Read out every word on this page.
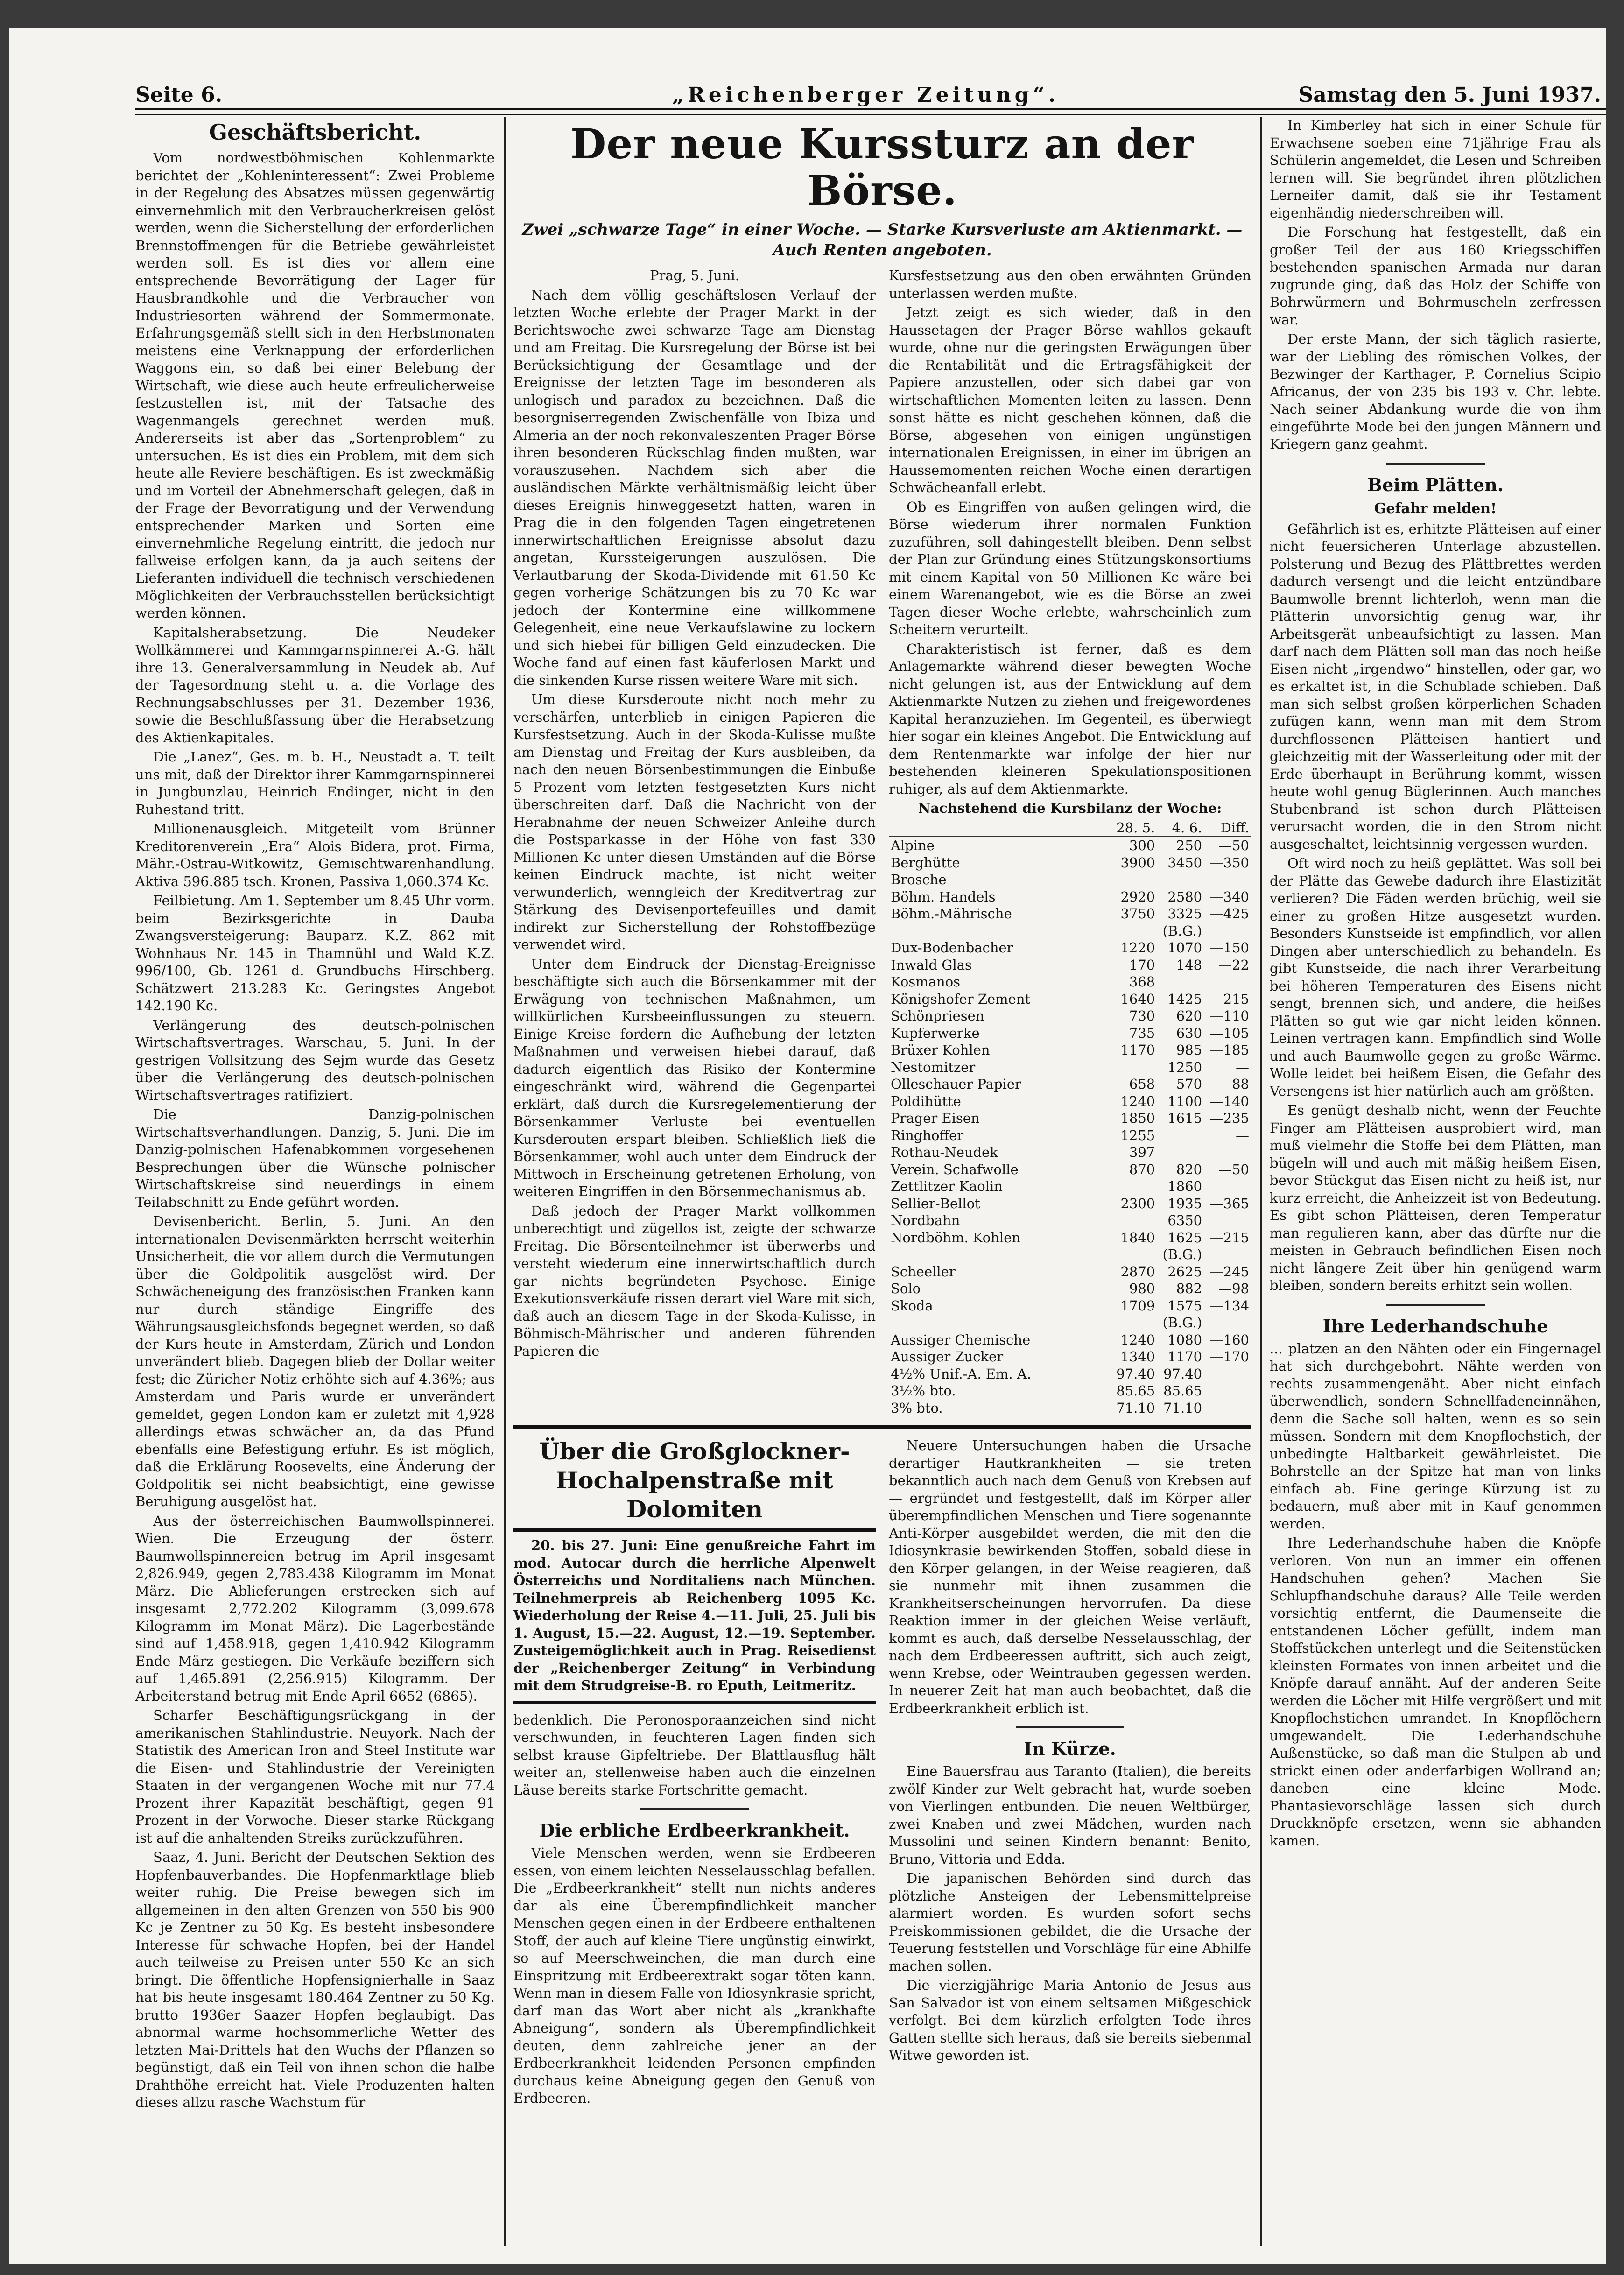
Seite 6.	„Reichenberger Zeitung“.	Samstag den 5. Juni 1937.
Geschäftsbericht.

Vom nordwestböhmischen Kohlenmarkte berichtet der „Kohleninteressent“: Zwei Probleme in der Regelung des Absatzes müssen gegenwärtig einvernehmlich mit den Verbraucherkreisen gelöst werden, wenn die Sicherstellung der erforderlichen Brennstoffmengen für die Betriebe gewährleistet werden soll. Es ist dies vor allem eine entsprechende Bevorrätigung der Lager für Hausbrandkohle und die Verbraucher von Industriesorten während der Sommermonate. Erfahrungsgemäß stellt sich in den Herbstmonaten meistens eine Verknappung der erforderlichen Waggons ein, so daß bei einer Belebung der Wirtschaft, wie diese auch heute erfreulicherweise festzustellen ist, mit der Tatsache des Wagenmangels gerechnet werden muß. Andererseits ist aber das „Sortenproblem“ zu untersuchen. Es ist dies ein Problem, mit dem sich heute alle Reviere beschäftigen. Es ist zweckmäßig und im Vorteil der Abnehmerschaft gelegen, daß in der Frage der Bevorratigung und der Verwendung entsprechender Marken und Sorten eine einvernehmliche Regelung eintritt, die jedoch nur fallweise erfolgen kann, da ja auch seitens der Lieferanten individuell die technisch verschiedenen Möglichkeiten der Verbrauchsstellen berücksichtigt werden können.

Kapitalsherabsetzung. Die Neudeker Wollkämmerei und Kammgarnspinnerei A.-G. hält ihre 13. Generalversammlung in Neudek ab. Auf der Tagesordnung steht u. a. die Vorlage des Rechnungsabschlusses per 31. Dezember 1936, sowie die Beschlußfassung über die Herabsetzung des Aktienkapitales.

Die „Lanez“, Ges. m. b. H., Neustadt a. T. teilt uns mit, daß der Direktor ihrer Kammgarnspinnerei in Jungbunzlau, Heinrich Endinger, nicht in den Ruhestand tritt.

Millionenausgleich. Mitgeteilt vom Brünner Kreditorenverein „Era“ Alois Bidera, prot. Firma, Mähr.-Ostrau-Witkowitz, Gemischtwarenhandlung. Aktiva 596.885 tsch. Kronen, Passiva 1,060.374 Kc.

Feilbietung. Am 1. September um 8.45 Uhr vorm. beim Bezirksgerichte in Dauba Zwangsversteigerung: Bauparz. K.Z. 862 mit Wohnhaus Nr. 145 in Thamnühl und Wald K.Z. 996/100, Gb. 1261 d. Grundbuchs Hirschberg. Schätzwert 213.283 Kc. Geringstes Angebot 142.190 Kc.

Verlängerung des deutsch-polnischen Wirtschaftsvertrages. Warschau, 5. Juni. In der gestrigen Vollsitzung des Sejm wurde das Gesetz über die Verlängerung des deutsch-polnischen Wirtschaftsvertrages ratifiziert.

Die Danzig-polnischen Wirtschaftsverhandlungen. Danzig, 5. Juni. Die im Danzig-polnischen Hafenabkommen vorgesehenen Besprechungen über die Wünsche polnischer Wirtschaftskreise sind neuerdings in einem Teilabschnitt zu Ende geführt worden.

Devisenbericht. Berlin, 5. Juni. An den internationalen Devisenmärkten herrscht weiterhin Unsicherheit, die vor allem durch die Vermutungen über die Goldpolitik ausgelöst wird. Der Schwächeneigung des französischen Franken kann nur durch ständige Eingriffe des Währungsausgleichsfonds begegnet werden, so daß der Kurs heute in Amsterdam, Zürich und London unverändert blieb. Dagegen blieb der Dollar weiter fest; die Züricher Notiz erhöhte sich auf 4.36%; aus Amsterdam und Paris wurde er unverändert gemeldet, gegen London kam er zuletzt mit 4,928 allerdings etwas schwächer an, da das Pfund ebenfalls eine Befestigung erfuhr. Es ist möglich, daß die Erklärung Roosevelts, eine Änderung der Goldpolitik sei nicht beabsichtigt, eine gewisse Beruhigung ausgelöst hat.

Aus der österreichischen Baumwollspinnerei. Wien. Die Erzeugung der österr. Baumwollspinnereien betrug im April insgesamt 2,826.949, gegen 2,783.438 Kilogramm im Monat März. Die Ablieferungen erstrecken sich auf insgesamt 2,772.202 Kilogramm (3,099.678 Kilogramm im Monat März). Die Lagerbestände sind auf 1,458.918, gegen 1,410.942 Kilogramm Ende März gestiegen. Die Verkäufe beziffern sich auf 1,465.891 (2,256.915) Kilogramm. Der Arbeiterstand betrug mit Ende April 6652 (6865).

Scharfer Beschäftigungsrückgang in der amerikanischen Stahlindustrie. Neuyork. Nach der Statistik des American Iron and Steel Institute war die Eisen- und Stahlindustrie der Vereinigten Staaten in der vergangenen Woche mit nur 77.4 Prozent ihrer Kapazität beschäftigt, gegen 91 Prozent in der Vorwoche. Dieser starke Rückgang ist auf die anhaltenden Streiks zurückzuführen.

Saaz, 4. Juni. Bericht der Deutschen Sektion des Hopfenbauverbandes. Die Hopfenmarktlage blieb weiter ruhig. Die Preise bewegen sich im allgemeinen in den alten Grenzen von 550 bis 900 Kc je Zentner zu 50 Kg. Es besteht insbesondere Interesse für schwache Hopfen, bei der Handel auch teilweise zu Preisen unter 550 Kc an sich bringt. Die öffentliche Hopfensignierhalle in Saaz hat bis heute insgesamt 180.464 Zentner zu 50 Kg. brutto 1936er Saazer Hopfen beglaubigt. Das abnormal warme hochsommerliche Wetter des letzten Mai-Drittels hat den Wuchs der Pflanzen so begünstigt, daß ein Teil von ihnen schon die halbe Drahthöhe erreicht hat. Viele Produzenten halten dieses allzu rasche Wachstum für

Der neue Kurssturz an der Börse.
Zwei „schwarze Tage“ in einer Woche. — Starke Kursverluste am Aktienmarkt. — Auch Renten angeboten.

Prag, 5. Juni.

Nach dem völlig geschäftslosen Verlauf der letzten Woche erlebte der Prager Markt in der Berichtswoche zwei schwarze Tage am Dienstag und am Freitag. Die Kursregelung der Börse ist bei Berücksichtigung der Gesamtlage und der Ereignisse der letzten Tage im besonderen als unlogisch und paradox zu bezeichnen. Daß die besorgniserregenden Zwischenfälle von Ibiza und Almeria an der noch rekonvaleszenten Prager Börse ihren besonderen Rückschlag finden mußten, war vorauszusehen. Nachdem sich aber die ausländischen Märkte verhältnismäßig leicht über dieses Ereignis hinweggesetzt hatten, waren in Prag die in den folgenden Tagen eingetretenen innerwirtschaftlichen Ereignisse absolut dazu angetan, Kurssteigerungen auszulösen. Die Verlautbarung der Skoda-Dividende mit 61.50 Kc gegen vorherige Schätzungen bis zu 70 Kc war jedoch der Kontermine eine willkommene Gelegenheit, eine neue Verkaufslawine zu lockern und sich hiebei für billigen Geld einzudecken. Die Woche fand auf einen fast käuferlosen Markt und die sinkenden Kurse rissen weitere Ware mit sich.

Um diese Kursderoute nicht noch mehr zu verschärfen, unterblieb in einigen Papieren die Kursfestsetzung. Auch in der Skoda-Kulisse mußte am Dienstag und Freitag der Kurs ausbleiben, da nach den neuen Börsenbestimmungen die Einbuße 5 Prozent vom letzten festgesetzten Kurs nicht überschreiten darf. Daß die Nachricht von der Herabnahme der neuen Schweizer Anleihe durch die Postsparkasse in der Höhe von fast 330 Millionen Kc unter diesen Umständen auf die Börse keinen Eindruck machte, ist nicht weiter verwunderlich, wenngleich der Kreditvertrag zur Stärkung des Devisenportefeuilles und damit indirekt zur Sicherstellung der Rohstoffbezüge verwendet wird.

Unter dem Eindruck der Dienstag-Ereignisse beschäftigte sich auch die Börsenkammer mit der Erwägung von technischen Maßnahmen, um willkürlichen Kursbeeinflussungen zu steuern. Einige Kreise fordern die Aufhebung der letzten Maßnahmen und verweisen hiebei darauf, daß dadurch eigentlich das Risiko der Kontermine eingeschränkt wird, während die Gegenpartei erklärt, daß durch die Kursregelementierung der Börsenkammer Verluste bei eventuellen Kursderouten erspart bleiben. Schließlich ließ die Börsenkammer, wohl auch unter dem Eindruck der Mittwoch in Erscheinung getretenen Erholung, von weiteren Eingriffen in den Börsenmechanismus ab.

Daß jedoch der Prager Markt vollkommen unberechtigt und zügellos ist, zeigte der schwarze Freitag. Die Börsenteilnehmer ist überwerbs und versteht wiederum eine innerwirtschaftlich durch gar nichts begründeten Psychose. Einige Exekutionsverkäufe rissen derart viel Ware mit sich, daß auch an diesem Tage in der Skoda-Kulisse, in Böhmisch-Mährischer und anderen führenden Papieren die

Kursfestsetzung aus den oben erwähnten Gründen unterlassen werden mußte.

Jetzt zeigt es sich wieder, daß in den Haussetagen der Prager Börse wahllos gekauft wurde, ohne nur die geringsten Erwägungen über die Rentabilität und die Ertragsfähigkeit der Papiere anzustellen, oder sich dabei gar von wirtschaftlichen Momenten leiten zu lassen. Denn sonst hätte es nicht geschehen können, daß die Börse, abgesehen von einigen ungünstigen internationalen Ereignissen, in einer im übrigen an Haussemomenten reichen Woche einen derartigen Schwächeanfall erlebt.

Ob es Eingriffen von außen gelingen wird, die Börse wiederum ihrer normalen Funktion zuzuführen, soll dahingestellt bleiben. Denn selbst der Plan zur Gründung eines Stützungskonsortiums mit einem Kapital von 50 Millionen Kc wäre bei einem Warenangebot, wie es die Börse an zwei Tagen dieser Woche erlebte, wahrscheinlich zum Scheitern verurteilt.

Charakteristisch ist ferner, daß es dem Anlagemarkte während dieser bewegten Woche nicht gelungen ist, aus der Entwicklung auf dem Aktienmarkte Nutzen zu ziehen und freigewordenes Kapital heranzuziehen. Im Gegenteil, es überwiegt hier sogar ein kleines Angebot. Die Entwicklung auf dem Rentenmarkte war infolge der hier nur bestehenden kleineren Spekulationspositionen ruhiger, als auf dem Aktienmarkte.

Nachstehend die Kursbilanz der Woche:

	28. 5.	4. 6.	Diff.
Alpine	300	250	—50
Berghütte	3900	3450	—350
Brosche			
Böhm. Handels	2920	2580	—340
Böhm.-Mährische	3750	3325 (B.G.)	—425
Dux-Bodenbacher	1220	1070	—150
Inwald Glas	170	148	—22
Kosmanos	368		
Königshofer Zement	1640	1425	—215
Schönpriesen	730	620	—110
Kupferwerke	735	630	—105
Brüxer Kohlen	1170	985	—185
Nestomitzer		1250	—
Olleschauer Papier	658	570	—88
Poldihütte	1240	1100	—140
Prager Eisen	1850	1615	—235
Ringhoffer	1255		—
Rothau-Neudek	397		
Verein. Schafwolle	870	820	—50
Zettlitzer Kaolin		1860	
Sellier-Bellot	2300	1935	—365
Nordbahn		6350	
Nordböhm. Kohlen	1840	1625 (B.G.)	—215
Scheeller	2870	2625	—245
Solo	980	882	—98
Skoda	1709	1575 (B.G.)	—134
Aussiger Chemische	1240	1080	—160
Aussiger Zucker	1340	1170	—170
4½% Unif.-A. Em. A.	97.40	97.40	
3½% bto.	85.65	85.65	
3% bto.	71.10	71.10	
Über die Großglockner-
Hochalpenstraße mit Dolomiten

20. bis 27. Juni: Eine genußreiche Fahrt im mod. Autocar durch die herrliche Alpenwelt Österreichs und Norditaliens nach München. Teilnehmerpreis ab Reichenberg 1095 Kc. Wiederholung der Reise 4.—11. Juli, 25. Juli bis 1. August, 15.—22. August, 12.—19. September. Zusteigemöglichkeit auch in Prag. Reisedienst der „Reichenberger Zeitung“ in Verbindung mit dem Strudgreise-B. ro Eputh, Leitmeritz.

bedenklich. Die Peronosporaanzeichen sind nicht verschwunden, in feuchteren Lagen finden sich selbst krause Gipfeltriebe. Der Blattlausflug hält weiter an, stellenweise haben auch die einzelnen Läuse bereits starke Fortschritte gemacht.

Die erbliche Erdbeerkrankheit.

Viele Menschen werden, wenn sie Erdbeeren essen, von einem leichten Nesselausschlag befallen. Die „Erdbeerkrankheit“ stellt nun nichts anderes dar als eine Überempfindlichkeit mancher Menschen gegen einen in der Erdbeere enthaltenen Stoff, der auch auf kleine Tiere ungünstig einwirkt, so auf Meerschweinchen, die man durch eine Einspritzung mit Erdbeerextrakt sogar töten kann. Wenn man in diesem Falle von Idiosynkrasie spricht, darf man das Wort aber nicht als „krankhafte Abneigung“, sondern als Überempfindlichkeit deuten, denn zahlreiche jener an der Erdbeerkrankheit leidenden Personen empfinden durchaus keine Abneigung gegen den Genuß von Erdbeeren.

Neuere Untersuchungen haben die Ursache derartiger Hautkrankheiten — sie treten bekanntlich auch nach dem Genuß von Krebsen auf — ergründet und festgestellt, daß im Körper aller überempfindlichen Menschen und Tiere sogenannte Anti-Körper ausgebildet werden, die mit den die Idiosynkrasie bewirkenden Stoffen, sobald diese in den Körper gelangen, in der Weise reagieren, daß sie nunmehr mit ihnen zusammen die Krankheitserscheinungen hervorrufen. Da diese Reaktion immer in der gleichen Weise verläuft, kommt es auch, daß derselbe Nesselausschlag, der nach dem Erdbeeressen auftritt, sich auch zeigt, wenn Krebse, oder Weintrauben gegessen werden. In neuerer Zeit hat man auch beobachtet, daß die Erdbeerkrankheit erblich ist.

In Kürze.

Eine Bauersfrau aus Taranto (Italien), die bereits zwölf Kinder zur Welt gebracht hat, wurde soeben von Vierlingen entbunden. Die neuen Weltbürger, zwei Knaben und zwei Mädchen, wurden nach Mussolini und seinen Kindern benannt: Benito, Bruno, Vittoria und Edda.

Die japanischen Behörden sind durch das plötzliche Ansteigen der Lebensmittelpreise alarmiert worden. Es wurden sofort sechs Preiskommissionen gebildet, die die Ursache der Teuerung feststellen und Vorschläge für eine Abhilfe machen sollen.

Die vierzigjährige Maria Antonio de Jesus aus San Salvador ist von einem seltsamen Mißgeschick verfolgt. Bei dem kürzlich erfolgten Tode ihres Gatten stellte sich heraus, daß sie bereits siebenmal Witwe geworden ist.

In Kimberley hat sich in einer Schule für Erwachsene soeben eine 71jährige Frau als Schülerin angemeldet, die Lesen und Schreiben lernen will. Sie begründet ihren plötzlichen Lerneifer damit, daß sie ihr Testament eigenhändig niederschreiben will.

Die Forschung hat festgestellt, daß ein großer Teil der aus 160 Kriegsschiffen bestehenden spanischen Armada nur daran zugrunde ging, daß das Holz der Schiffe von Bohrwürmern und Bohrmuscheln zerfressen war.

Der erste Mann, der sich täglich rasierte, war der Liebling des römischen Volkes, der Bezwinger der Karthager, P. Cornelius Scipio Africanus, der von 235 bis 193 v. Chr. lebte. Nach seiner Abdankung wurde die von ihm eingeführte Mode bei den jungen Männern und Kriegern ganz geahmt.

Beim Plätten.
Gefahr melden!

Gefährlich ist es, erhitzte Plätteisen auf einer nicht feuersicheren Unterlage abzustellen. Polsterung und Bezug des Plättbrettes werden dadurch versengt und die leicht entzündbare Baumwolle brennt lichterloh, wenn man die Plätterin unvorsichtig genug war, ihr Arbeitsgerät unbeaufsichtigt zu lassen. Man darf nach dem Plätten soll man das noch heiße Eisen nicht „irgendwo“ hinstellen, oder gar, wo es erkaltet ist, in die Schublade schieben. Daß man sich selbst großen körperlichen Schaden zufügen kann, wenn man mit dem Strom durchflossenen Plätteisen hantiert und gleichzeitig mit der Wasserleitung oder mit der Erde überhaupt in Berührung kommt, wissen heute wohl genug Büglerinnen. Auch manches Stubenbrand ist schon durch Plätteisen verursacht worden, die in den Strom nicht ausgeschaltet, leichtsinnig vergessen wurden.

Oft wird noch zu heiß geplättet. Was soll bei der Plätte das Gewebe dadurch ihre Elastizität verlieren? Die Fäden werden brüchig, weil sie einer zu großen Hitze ausgesetzt wurden. Besonders Kunstseide ist empfindlich, vor allen Dingen aber unterschiedlich zu behandeln. Es gibt Kunstseide, die nach ihrer Verarbeitung bei höheren Temperaturen des Eisens nicht sengt, brennen sich, und andere, die heißes Plätten so gut wie gar nicht leiden können. Leinen vertragen kann. Empfindlich sind Wolle und auch Baumwolle gegen zu große Wärme. Wolle leidet bei heißem Eisen, die Gefahr des Versengens ist hier natürlich auch am größten.

Es genügt deshalb nicht, wenn der Feuchte Finger am Plätteisen ausprobiert wird, man muß vielmehr die Stoffe bei dem Plätten, man bügeln will und auch mit mäßig heißem Eisen, bevor Stückgut das Eisen nicht zu heiß ist, nur kurz erreicht, die Anheizzeit ist von Bedeutung. Es gibt schon Plätteisen, deren Temperatur man regulieren kann, aber das dürfte nur die meisten in Gebrauch befindlichen Eisen noch nicht längere Zeit über hin genügend warm bleiben, sondern bereits erhitzt sein wollen.

Ihre Lederhandschuhe

... platzen an den Nähten oder ein Fingernagel hat sich durchgebohrt. Nähte werden von rechts zusammengenäht. Aber nicht einfach überwendlich, sondern Schnellfadeneinnähen, denn die Sache soll halten, wenn es so sein müssen. Sondern mit dem Knopflochstich, der unbedingte Haltbarkeit gewährleistet. Die Bohrstelle an der Spitze hat man von links einfach ab. Eine geringe Kürzung ist zu bedauern, muß aber mit in Kauf genommen werden.

Ihre Lederhandschuhe haben die Knöpfe verloren. Von nun an immer ein offenen Handschuhen gehen? Machen Sie Schlupfhandschuhe daraus? Alle Teile werden vorsichtig entfernt, die Daumenseite die entstandenen Löcher gefüllt, indem man Stoffstückchen unterlegt und die Seitenstücken kleinsten Formates von innen arbeitet und die Knöpfe darauf annäht. Auf der anderen Seite werden die Löcher mit Hilfe vergrößert und mit Knopflochstichen umrandet. In Knopflöchern umgewandelt. Die Lederhandschuhe Außenstücke, so daß man die Stulpen ab und strickt einen oder anderfarbigen Wollrand an; daneben eine kleine Mode. Phantasievorschläge lassen sich durch Druckknöpfe ersetzen, wenn sie abhanden kamen.
